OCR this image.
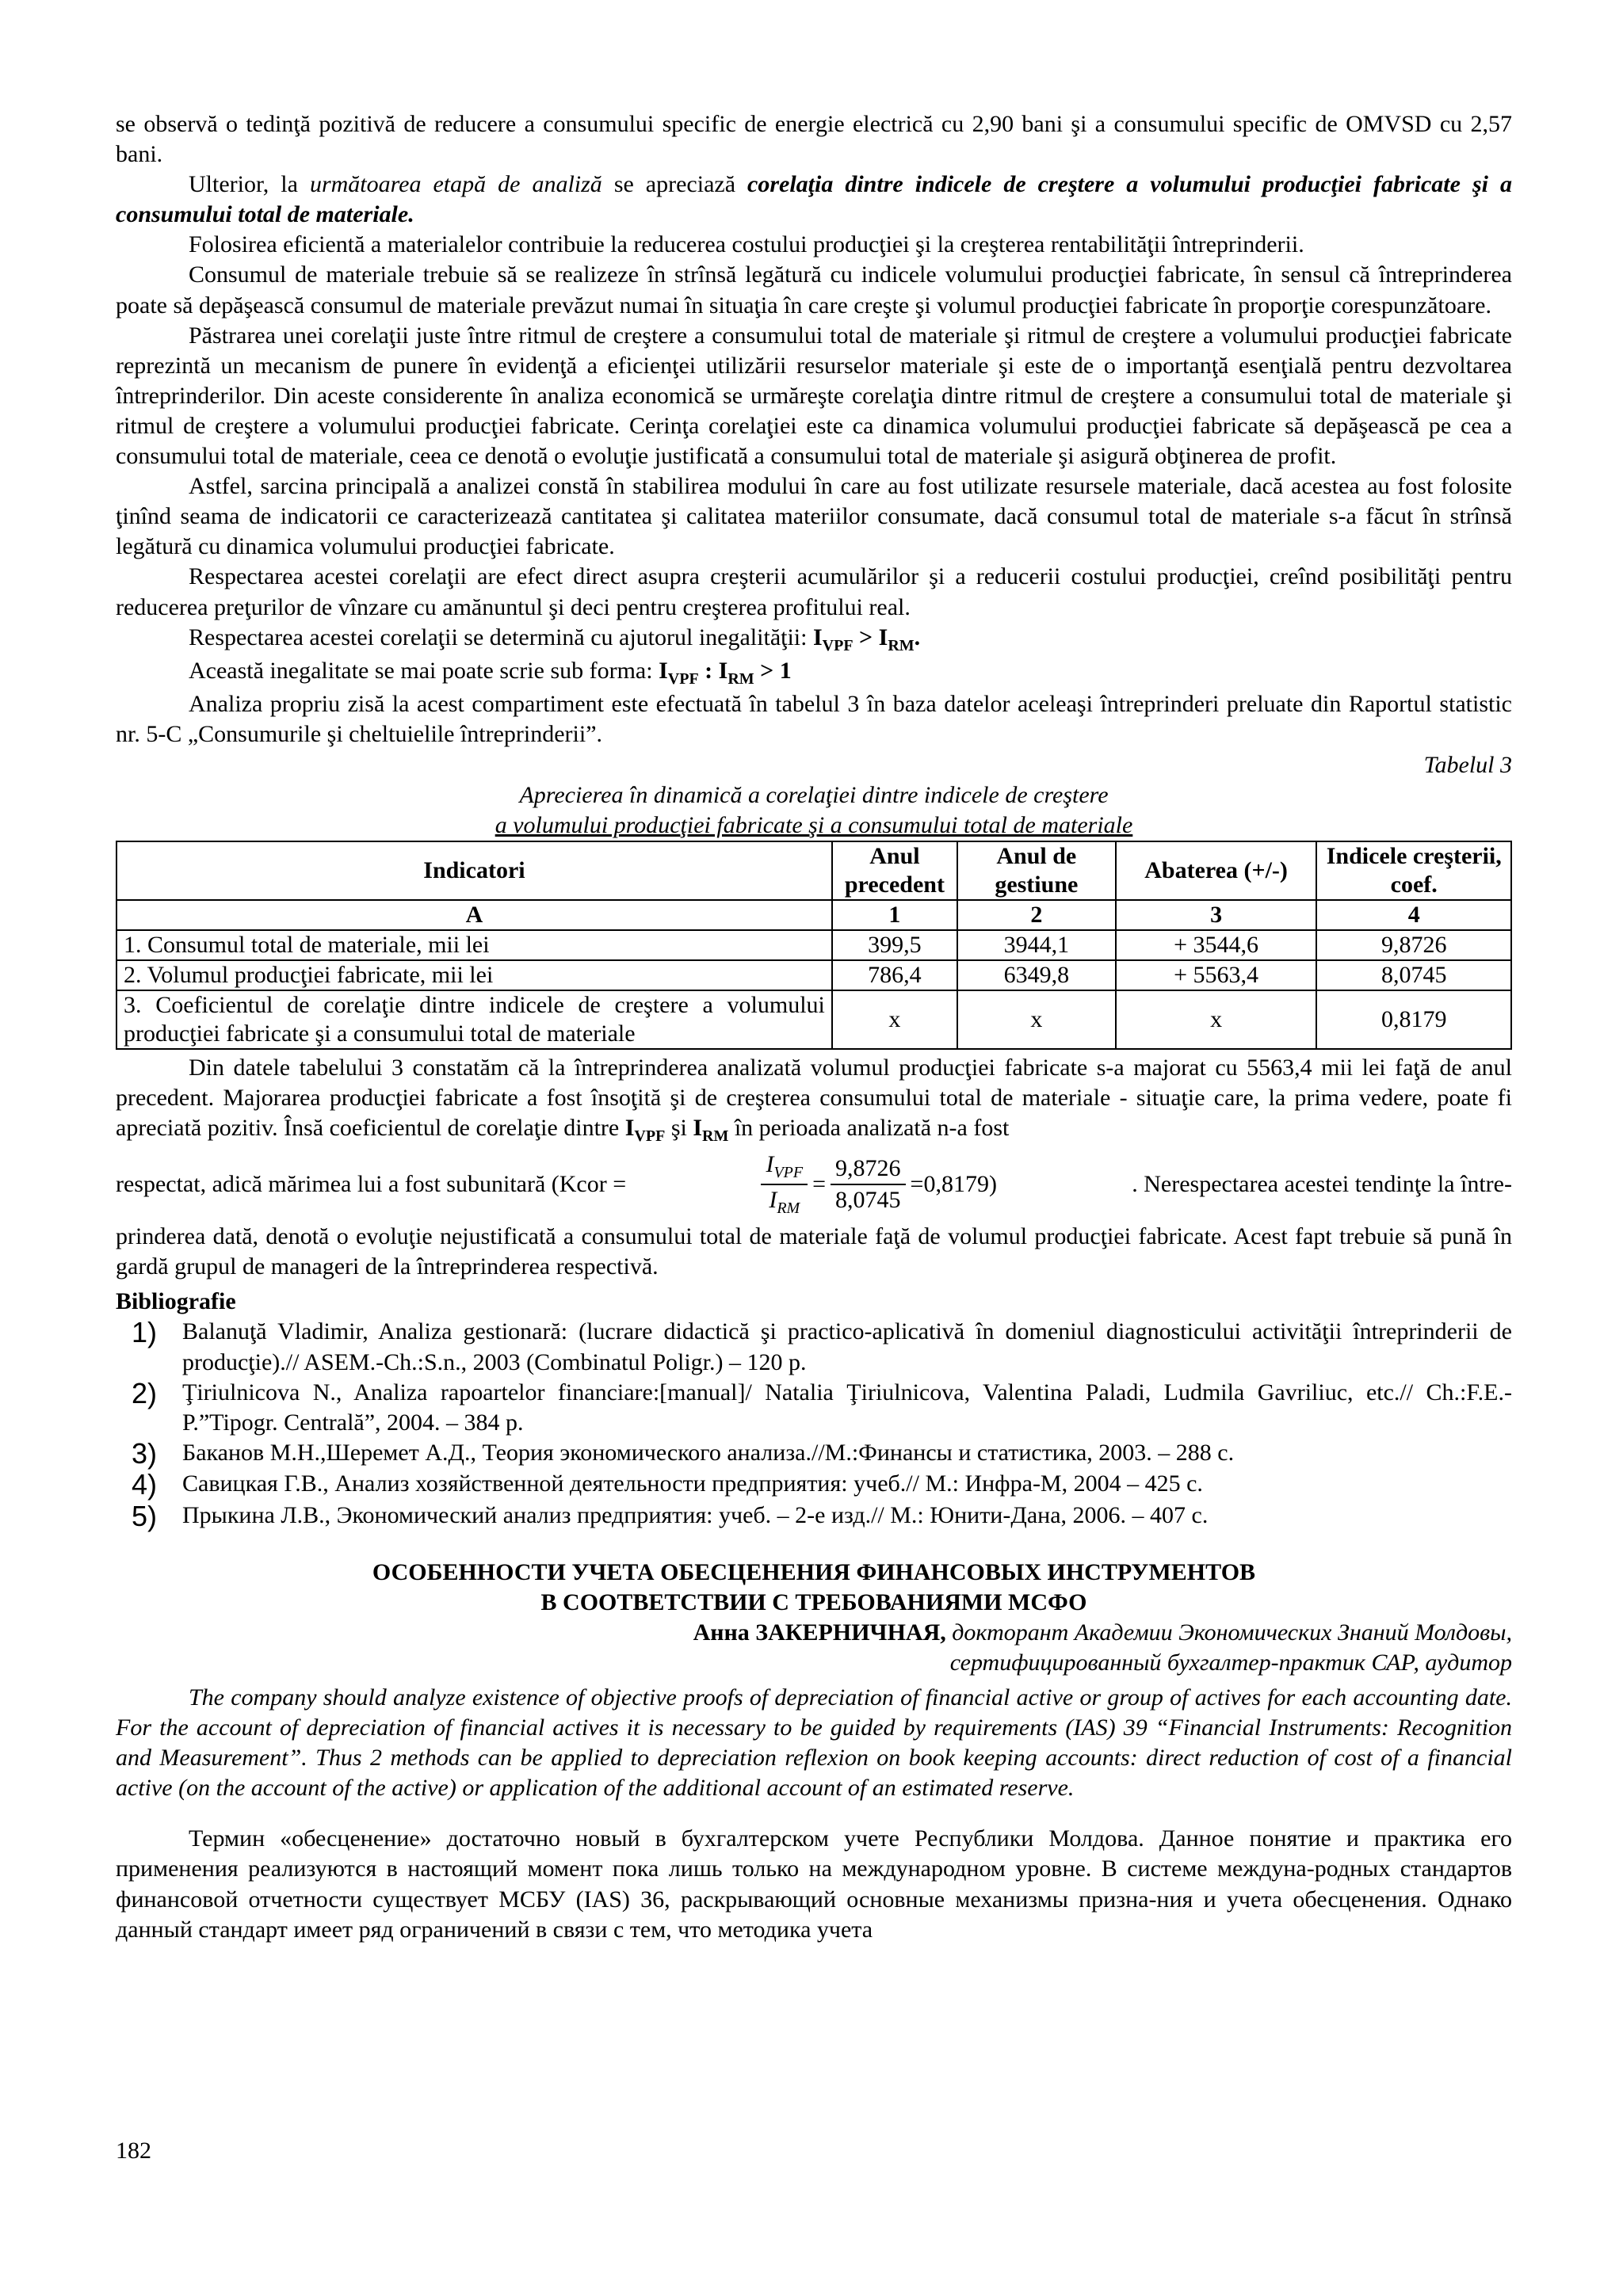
se observă o tedinţă pozitivă de reducere a consumului specific de energie electrică cu 2,90 bani şi a consumului specific de OMVSD cu 2,57 bani.

Ulterior, la următoarea etapă de analiză se apreciază corelaţia dintre indicele de creştere a volumului producţiei fabricate şi a consumului total de materiale.

Folosirea eficientă a materialelor contribuie la reducerea costului producţiei şi la creşterea rentabilităţii întreprinderii.

Consumul de materiale trebuie să se realizeze în strînsă legătură cu indicele volumului producţiei fabricate, în sensul că întreprinderea poate să depăşească consumul de materiale prevăzut numai în situaţia în care creşte şi volumul producţiei fabricate în proporţie corespunzătoare.

Păstrarea unei corelaţii juste între ritmul de creştere a consumului total de materiale şi ritmul de creştere a volumului producţiei fabricate reprezintă un mecanism de punere în evidenţă a eficienţei utilizării resurselor materiale şi este de o importanţă esenţială pentru dezvoltarea întreprinderilor. Din aceste considerente în analiza economică se urmăreşte corelaţia dintre ritmul de creştere a consumului total de materiale şi ritmul de creştere a volumului producţiei fabricate. Cerinţa corelaţiei este ca dinamica volumului producţiei fabricate să depăşească pe cea a consumului total de materiale, ceea ce denotă o evoluţie justificată a consumului total de materiale şi asigură obţinerea de profit.

Astfel, sarcina principală a analizei constă în stabilirea modului în care au fost utilizate resursele materiale, dacă acestea au fost folosite ţinînd seama de indicatorii ce caracterizează cantitatea şi calitatea materiilor consumate, dacă consumul total de materiale s-a făcut în strînsă legătură cu dinamica volumului producţiei fabricate.

Respectarea acestei corelaţii are efect direct asupra creşterii acumulărilor şi a reducerii costului producţiei, creînd posibilităţi pentru reducerea preţurilor de vînzare cu amănuntul şi deci pentru creşterea profitului real.

Respectarea acestei corelaţii se determină cu ajutorul inegalităţii: $I_{VPF} > I_{RM}$.

Această inegalitate se mai poate scrie sub forma: $I_{VPF}$ : $I_{RM} > 1$

Analiza propriu zisă la acest compartiment este efectuată în tabelul 3 în baza datelor aceleaşi întreprinderi preluate din Raportul statistic nr. 5-C „Consumurile şi cheltuielile întreprinderii”.

Tabelul 3
Aprecierea în dinamică a corelaţiei dintre indicele de creştere
a volumului producţiei fabricate şi a consumului total de materiale
Indicatori	Anul precedent	Anul de gestiune	Abaterea (+/-)	Indicele creşterii, coef.
A	1	2	3	4
1. Consumul total de materiale, mii lei	399,5	3944,1	+ 3544,6	9,8726
2. Volumul producţiei fabricate, mii lei	786,4	6349,8	+ 5563,4	8,0745
3. Coeficientul de corelaţie dintre indicele de creştere a volumului producţiei fabricate şi a consumului total de materiale	x	x	x	0,8179

Din datele tabelului 3 constatăm că la întreprinderea analizată volumul producţiei fabricate s-a majorat cu 5563,4 mii lei faţă de anul precedent. Majorarea producţiei fabricate a fost însoţită şi de creşterea consumului total de materiale - situaţie care, la prima vedere, poate fi apreciată pozitiv. Însă coeficientul de corelaţie dintre $I_{VPF}$ şi $I_{RM}$ în perioada analizată n-a fost

respectat, adică mărimea lui a fost subunitară (Kcor =	$\frac{I_{VPF}}{I_{RM}} = \frac{9,8726}{8,0745} =0,8179$)	. Nerespectarea acestei tendinţe la între-

prinderea dată, denotă o evoluţie nejustificată a consumului total de materiale faţă de volumul producţiei fabricate. Acest fapt trebuie să pună în gardă grupul de manageri de la întreprinderea respectivă.

Bibliografie
1)	Balanuţă Vladimir, Analiza gestionară: (lucrare didactică şi practico-aplicativă în domeniul diagnosticului activităţii întreprinderii de producţie).// ASEM.-Ch.:S.n., 2003 (Combinatul Poligr.) – 120 p.
2)	Ţiriulnicova N., Analiza rapoartelor financiare:[manual]/ Natalia Ţiriulnicova, Valentina Paladi, Ludmila Gavriliuc, etc.// Ch.:F.E.-P.”Tipogr. Centrală”, 2004. – 384 p.
3)	Баканов М.Н.,Шеремет А.Д., Теория экономического анализа.//М.:Финансы и статистика, 2003. – 288 с.
4)	Савицкая Г.В., Анализ хозяйственной деятельности предприятия: учеб.// М.: Инфра-М, 2004 – 425 с.
5)	Прыкина Л.В., Экономический анализ предприятия: учеб. – 2-е изд.// М.: Юнити-Дана, 2006. – 407 с.
ОСОБЕННОСТИ УЧЕТА ОБЕСЦЕНЕНИЯ ФИНАНСОВЫХ ИНСТРУМЕНТОВ
В СООТВЕТСТВИИ С ТРЕБОВАНИЯМИ МСФО
Анна ЗАКЕРНИЧНАЯ, докторант Академии Экономических Знаний Молдовы,
сертифицированный бухгалтер-практик САР, аудитор

The company should analyze existence of objective proofs of depreciation of financial active or group of actives for each accounting date. For the account of depreciation of financial actives it is necessary to be guided by requirements (IAS) 39 “Financial Instruments: Recognition and Measurement”. Thus 2 methods can be applied to depreciation reflexion on book keeping accounts: direct reduction of cost of a financial active (on the account of the active) or application of the additional account of an estimated reserve.

Термин «обесценение» достаточно новый в бухгалтерском учете Республики Молдова. Данное понятие и практика его применения реализуются в настоящий момент пока лишь только на международном уровне. В системе междуна-родных стандартов финансовой отчетности существует МСБУ (IAS) 36, раскрывающий основные механизмы призна-ния и учета обесценения. Однако данный стандарт имеет ряд ограничений в связи с тем, что методика учета

182
